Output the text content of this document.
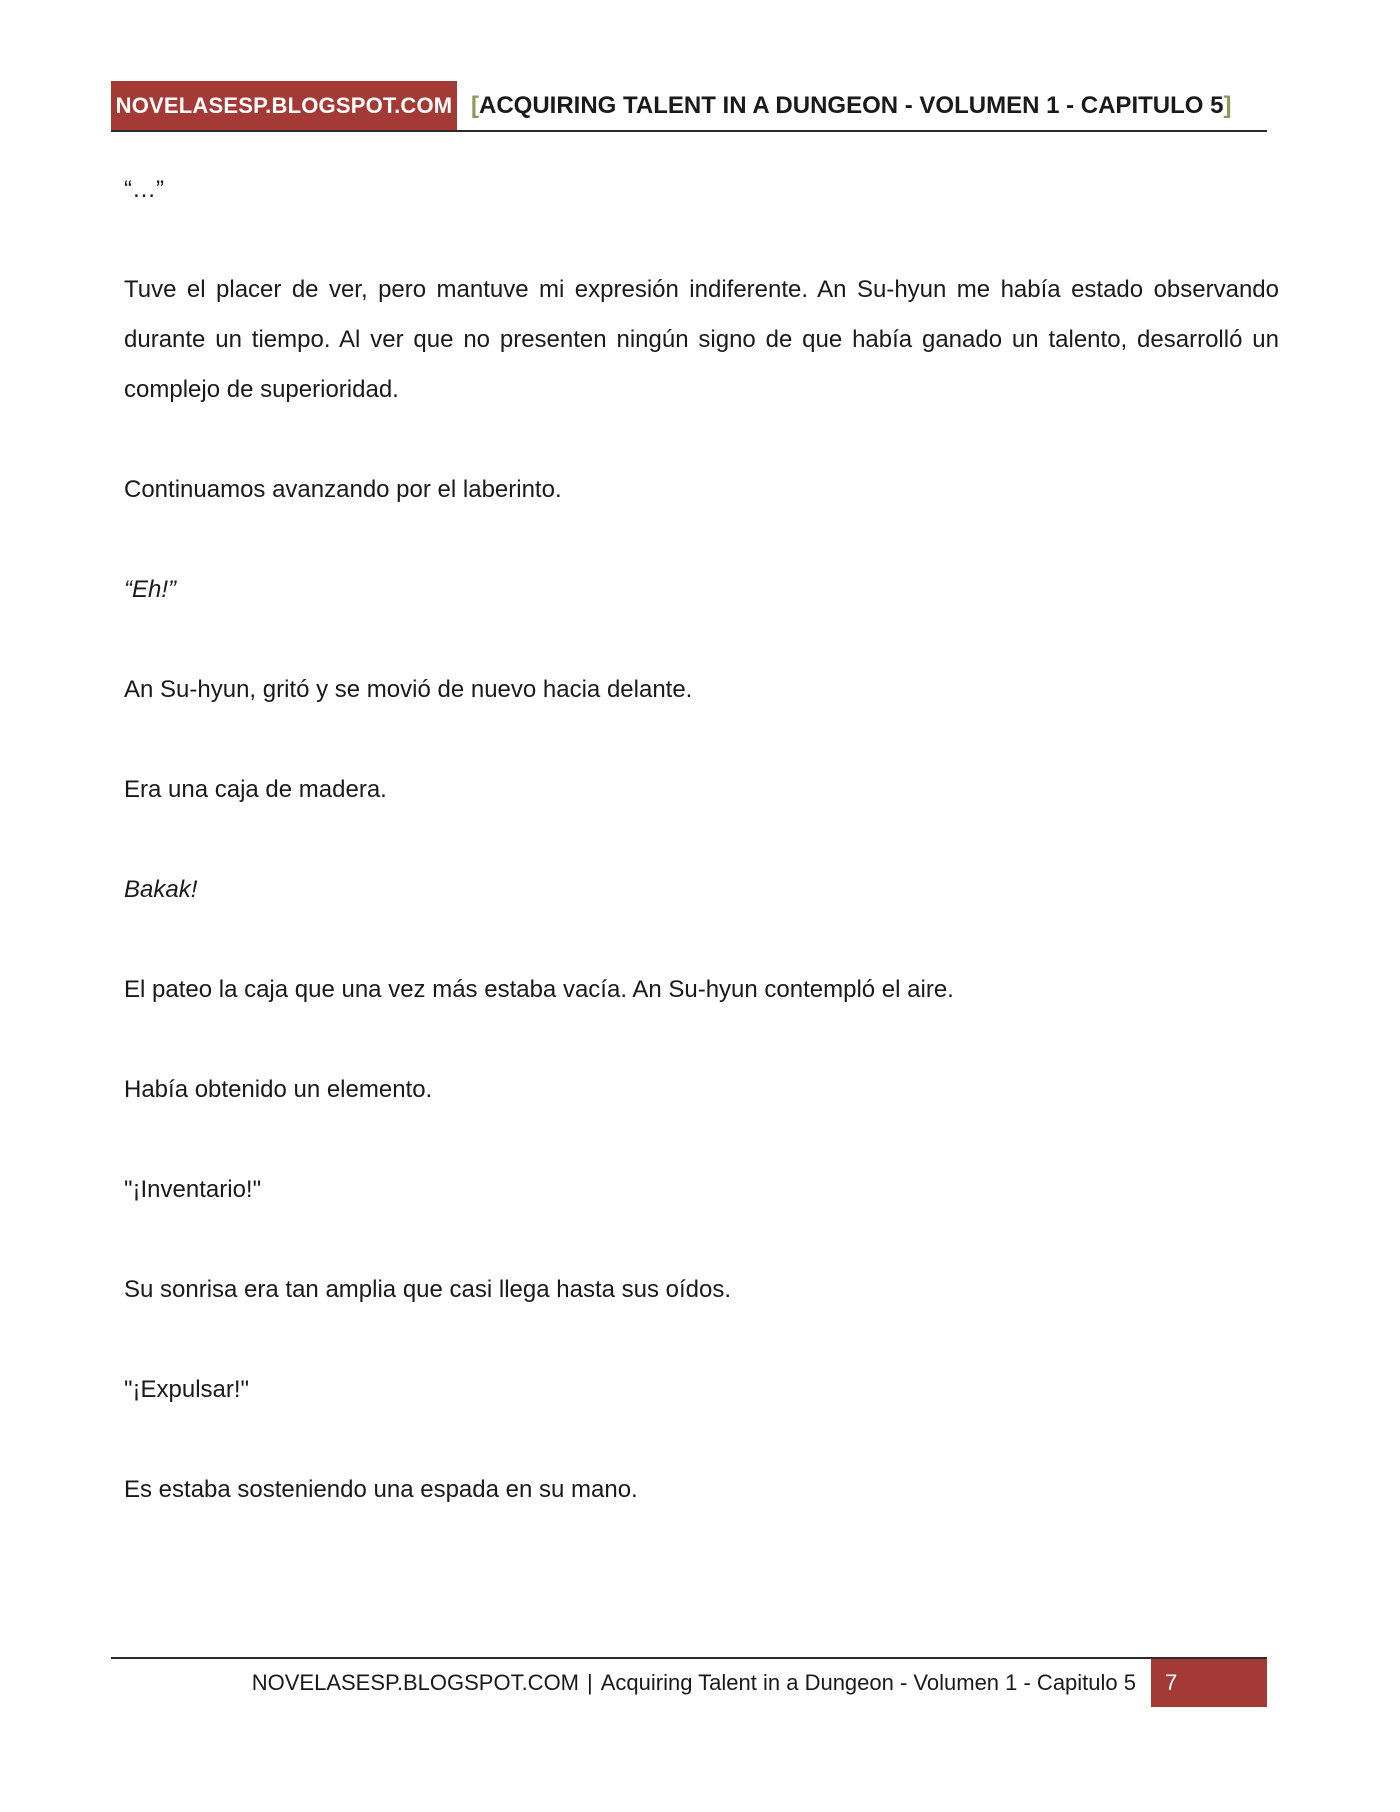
NOVELASESP.BLOGSPOT.COM [ACQUIRING TALENT IN A DUNGEON - VOLUMEN 1 - CAPITULO 5]

“…”

Tuve el placer de ver, pero mantuve mi expresión indiferente. An Su-hyun me había estado observando durante un tiempo. Al ver que no presenten ningún signo de que había ganado un talento, desarrolló un complejo de superioridad.

Continuamos avanzando por el laberinto.

“Eh!”

An Su-hyun, gritó y se movió de nuevo hacia delante.

Era una caja de madera.

Bakak!

El pateo la caja que una vez más estaba vacía. An Su-hyun contempló el aire.

Había obtenido un elemento.

"¡Inventario!"

Su sonrisa era tan amplia que casi llega hasta sus oídos.

"¡Expulsar!"

Es estaba sosteniendo una espada en su mano.

NOVELASESP.BLOGSPOT.COM | Acquiring Talent in a Dungeon - Volumen 1 - Capitulo 5	7
